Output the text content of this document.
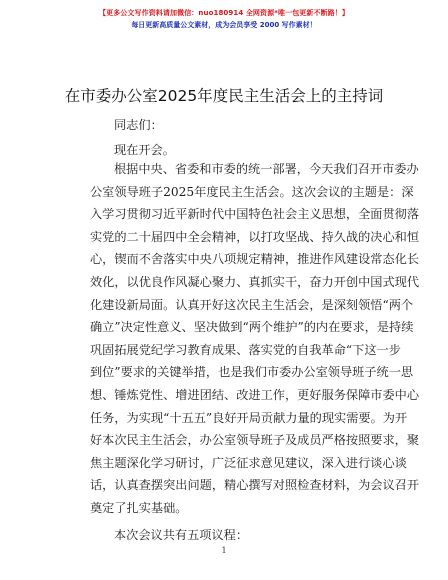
【更多公文写作资料请加微信：nuo180914 全网资源*唯一包更新不断路！】
每日更新高质量公文素材，成为会员享受 2000 写作素材！
在市委办公室2025年度民主生活会上的主持词
同志们：
现在开会。
根据中央、省委和市委的统一部署，今天我们召开市委办
公室领导班子2025年度民主生活会。这次会议的主题是：深
入学习贯彻习近平新时代中国特色社会主义思想，全面贯彻落
实党的二十届四中全会精神，以打攻坚战、持久战的决心和恒
心，锲而不舍落实中央八项规定精神，推进作风建设常态化长
效化，以优良作风凝心聚力、真抓实干，奋力开创中国式现代
化建设新局面。认真开好这次民主生活会，是深刻领悟“两个
确立”决定性意义、坚决做到“两个维护”的内在要求，是持续
巩固拓展党纪学习教育成果、落实党的自我革命“下这一步
到位”要求的关键举措，也是我们市委办公室领导班子统一思
想、锤炼党性、增进团结、改进工作，更好服务保障市委中心
任务，为实现“十五五”良好开局贡献力量的现实需要。为开
好本次民主生活会，办公室领导班子及成员严格按照要求，聚
焦主题深化学习研讨，广泛征求意见建议，深入进行谈心谈
话，认真查摆突出问题，精心撰写对照检查材料，为会议召开
奠定了扎实基础。
1
本次会议共有五项议程：
